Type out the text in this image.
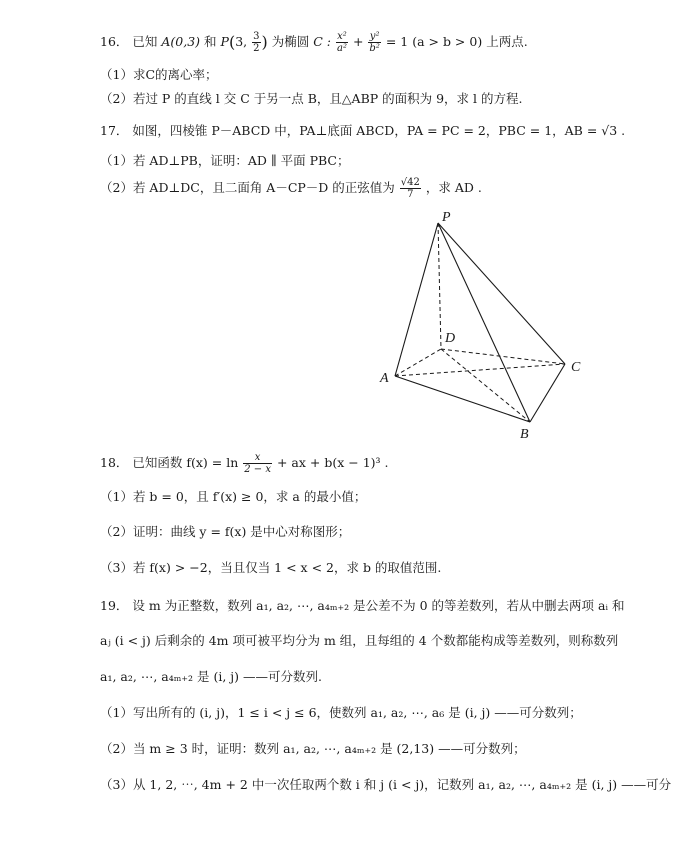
16． 已知 A(0,3) 和 P(3, $\frac{3}{2}$ ) 为椭圆 C : $\frac{\text{x²}}{\text{a²}} + \frac{\text{y²}}{\text{b²}} = 1$ (a > b > 0) 上两点.
（1）求C的离心率；
（2）若过 P 的直线 l 交 C 于另一点 B，且△ABP 的面积为 9，求 l 的方程.
17． 如图，四棱锥 P－ABCD 中，PA⊥底面 ABCD，PA = PC = 2，PBC = 1，AB = √3 .
（1）若 AD⊥PB，证明：AD ∥ 平面 PBC；
（2）若 AD⊥DC，且二面角 A－CP－D 的正弦值为 $\frac{√42}{7}$ ，求 AD .
P
D
A
C
B
18． 已知函数 $f(x) = \ln \frac{x}{2 - x}$ + ax + b(x − 1)³ .
（1）若 b = 0，且 f′(x) ≥ 0，求 a 的最小值；
（2）证明：曲线 y = f(x) 是中心对称图形；
（3）若 f(x) > −2，当且仅当 1 < x < 2，求 b 的取值范围.
19． 设 m 为正整数，数列 a₁, a₂, ⋯, a₄ₘ₊₂ 是公差不为 0 的等差数列，若从中删去两项 aᵢ 和
aⱼ (i < j) 后剩余的 4m 项可被平均分为 m 组，且每组的 4 个数都能构成等差数列，则称数列
a₁, a₂, ⋯, a₄ₘ₊₂ 是 (i, j) ——可分数列.
（1）写出所有的 (i, j)，1 ≤ i < j ≤ 6，使数列 a₁, a₂, ⋯, a₆ 是 (i, j) ——可分数列；
（2）当 m ≥ 3 时，证明：数列 a₁, a₂, ⋯, a₄ₘ₊₂ 是 (2,13) ——可分数列；
（3）从 1, 2, ⋯, 4m + 2 中一次任取两个数 i 和 j (i < j)，记数列 a₁, a₂, ⋯, a₄ₘ₊₂ 是 (i, j) ——可分
